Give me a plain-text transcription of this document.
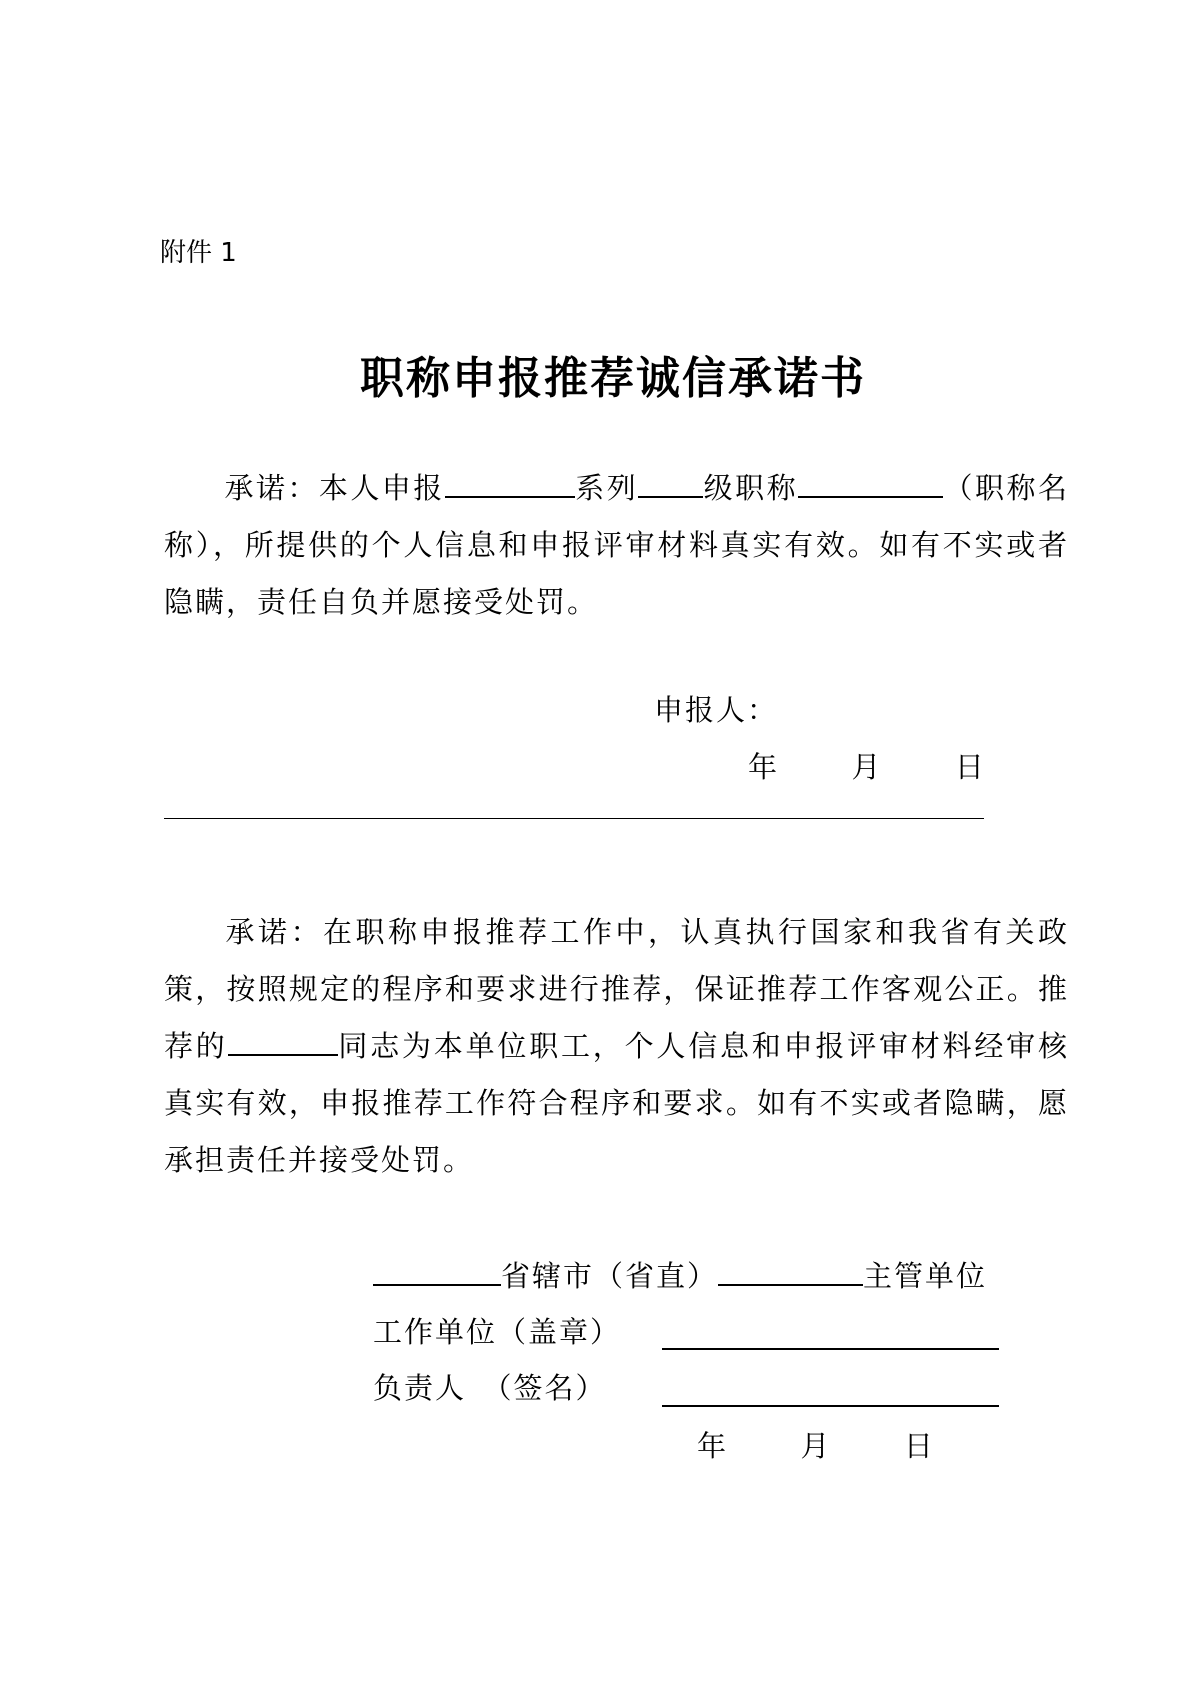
附件 1
职称申报推荐诚信承诺书
承诺：本人申报	系列 级职称	（职称名称），所提供的个人信息和申报评审材料真实有效。如有不实或者隐瞒，责任自负并愿接受处罚。
申报人：
年 月 日
承诺：在职称申报推荐工作中，认真执行国家和我省有关政策，按照规定的程序和要求进行推荐，保证推荐工作客观公正。推荐的	同志为本单位职工，个人信息和申报评审材料经审核真实有效，申报推荐工作符合程序和要求。如有不实或者隐瞒，愿承担责任并接受处罚。
省辖市（省直）	主管单位
工作单位（盖章）
负责人　（签名）
年 月 日
